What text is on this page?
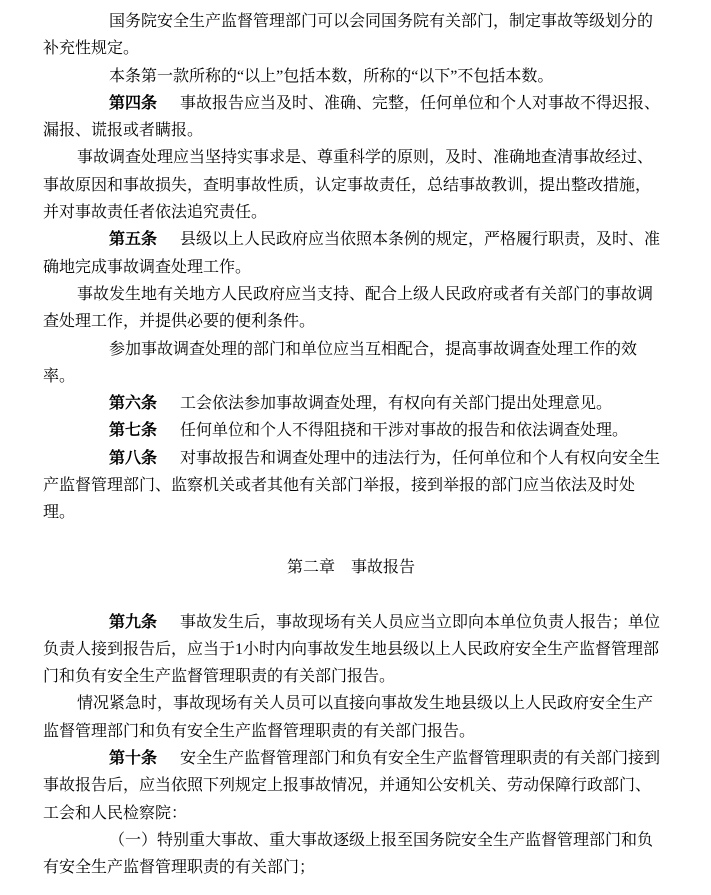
国务院安全生产监督管理部门可以会同国务院有关部门，制定事故等级划分的
补充性规定。
本条第一款所称的“以上”包括本数，所称的“以下”不包括本数。
第四条 事故报告应当及时、准确、完整，任何单位和个人对事故不得迟报、
漏报、谎报或者瞒报。
事故调查处理应当坚持实事求是、尊重科学的原则，及时、准确地查清事故经过、
事故原因和事故损失，查明事故性质，认定事故责任，总结事故教训，提出整改措施，
并对事故责任者依法追究责任。
第五条 县级以上人民政府应当依照本条例的规定，严格履行职责，及时、准
确地完成事故调查处理工作。
事故发生地有关地方人民政府应当支持、配合上级人民政府或者有关部门的事故调
查处理工作，并提供必要的便利条件。
参加事故调查处理的部门和单位应当互相配合，提高事故调查处理工作的效
率。
第六条 工会依法参加事故调查处理，有权向有关部门提出处理意见。
第七条 任何单位和个人不得阻挠和干涉对事故的报告和依法调查处理。
第八条 对事故报告和调查处理中的违法行为，任何单位和个人有权向安全生
产监督管理部门、监察机关或者其他有关部门举报，接到举报的部门应当依法及时处
理。
第二章　事故报告
第九条 事故发生后，事故现场有关人员应当立即向本单位负责人报告；单位
负责人接到报告后，应当于1小时内向事故发生地县级以上人民政府安全生产监督管理部
门和负有安全生产监督管理职责的有关部门报告。
情况紧急时，事故现场有关人员可以直接向事故发生地县级以上人民政府安全生产
监督管理部门和负有安全生产监督管理职责的有关部门报告。
第十条 安全生产监督管理部门和负有安全生产监督管理职责的有关部门接到
事故报告后，应当依照下列规定上报事故情况，并通知公安机关、劳动保障行政部门、
工会和人民检察院：
（一）特别重大事故、重大事故逐级上报至国务院安全生产监督管理部门和负
有安全生产监督管理职责的有关部门；
